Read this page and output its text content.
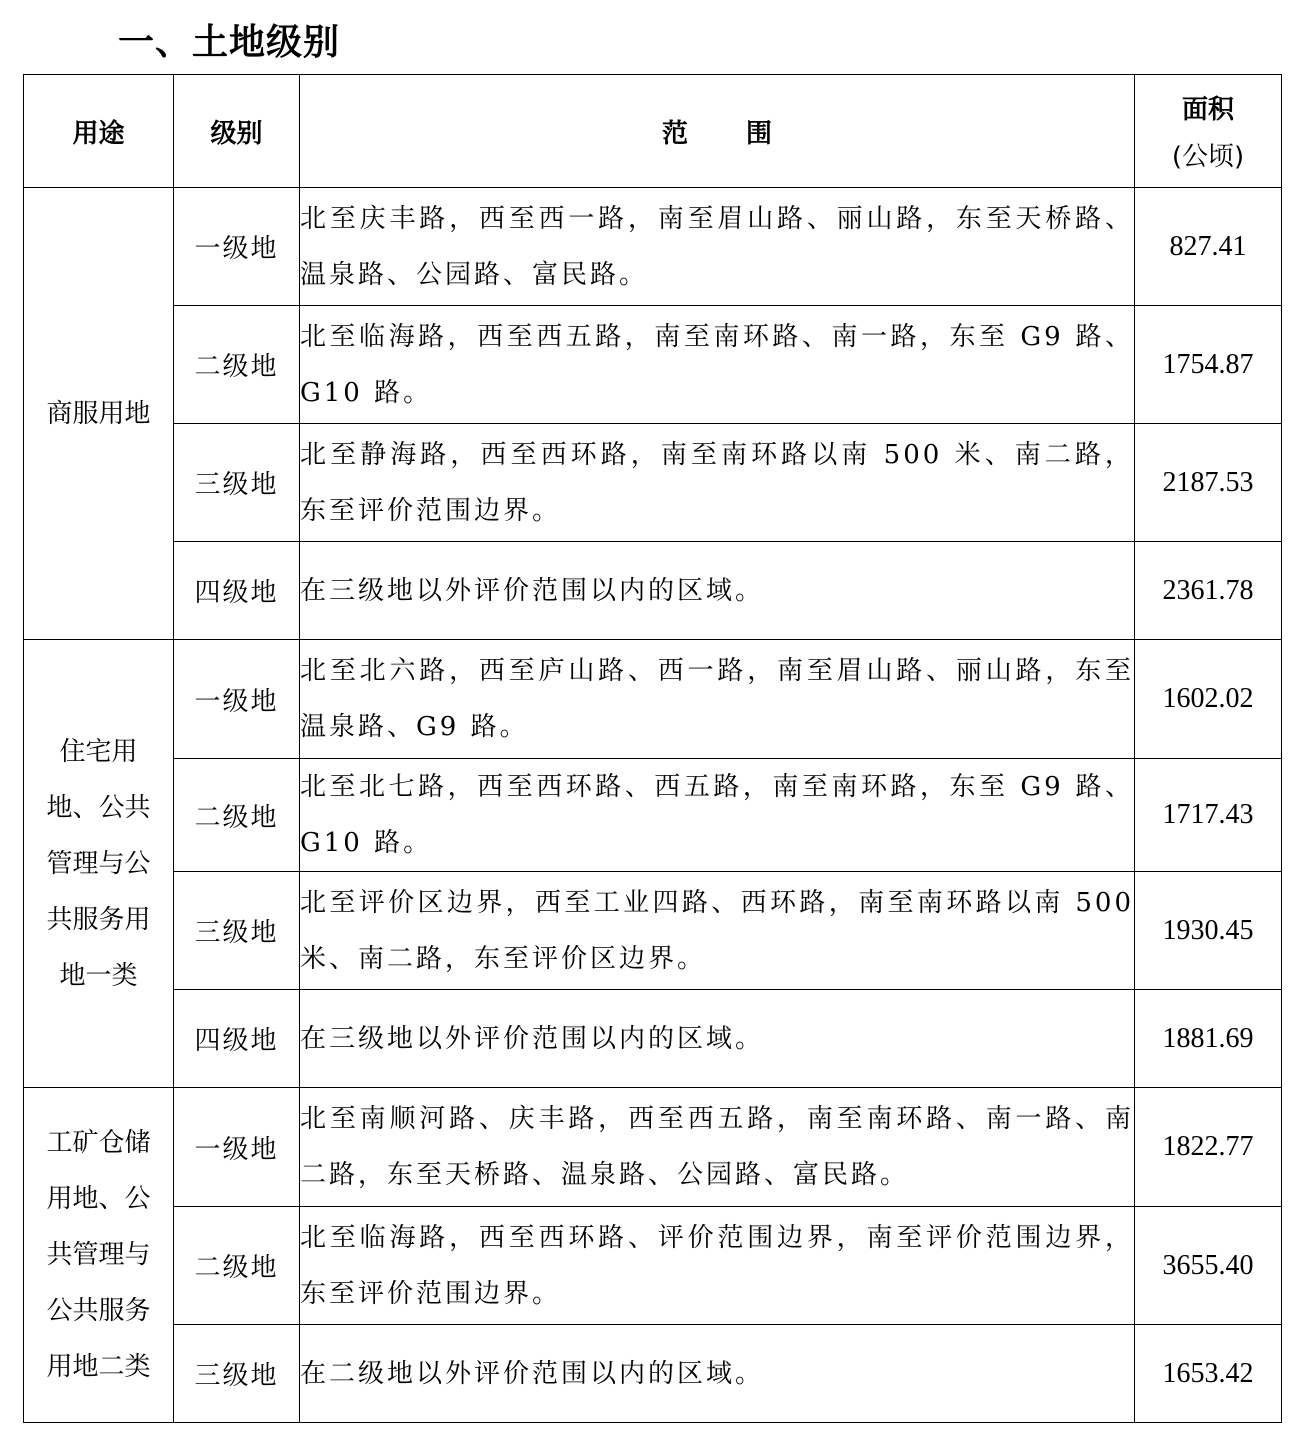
一、土地级别
用途	级别	范 围	面积
(公顷)

商服用地	一级地	北至庆丰路，西至西一路，南至眉山路、丽山路，东至天桥路、温泉路、公园路、富民路。	827.41
	二级地	北至临海路，西至西五路，南至南环路、南一路，东至 G9 路、G10 路。	1754.87
	三级地	北至静海路，西至西环路，南至南环路以南 500 米、南二路，东至评价范围边界。	2187.53
	四级地	在三级地以外评价范围以内的区域。	2361.78

住宅用
地、公共
管理与公
共服务用
地一类	一级地	北至北六路，西至庐山路、西一路，南至眉山路、丽山路，东至温泉路、G9 路。	1602.02
	二级地	北至北七路，西至西环路、西五路，南至南环路，东至 G9 路、G10 路。	1717.43
	三级地	北至评价区边界，西至工业四路、西环路，南至南环路以南 500 米、南二路，东至评价区边界。	1930.45
	四级地	在三级地以外评价范围以内的区域。	1881.69

工矿仓储
用地、公
共管理与
公共服务
用地二类	一级地	北至南顺河路、庆丰路，西至西五路，南至南环路、南一路、南二路，东至天桥路、温泉路、公园路、富民路。	1822.77
	二级地	北至临海路，西至西环路、评价范围边界，南至评价范围边界，东至评价范围边界。	3655.40
	三级地	在二级地以外评价范围以内的区域。	1653.42
